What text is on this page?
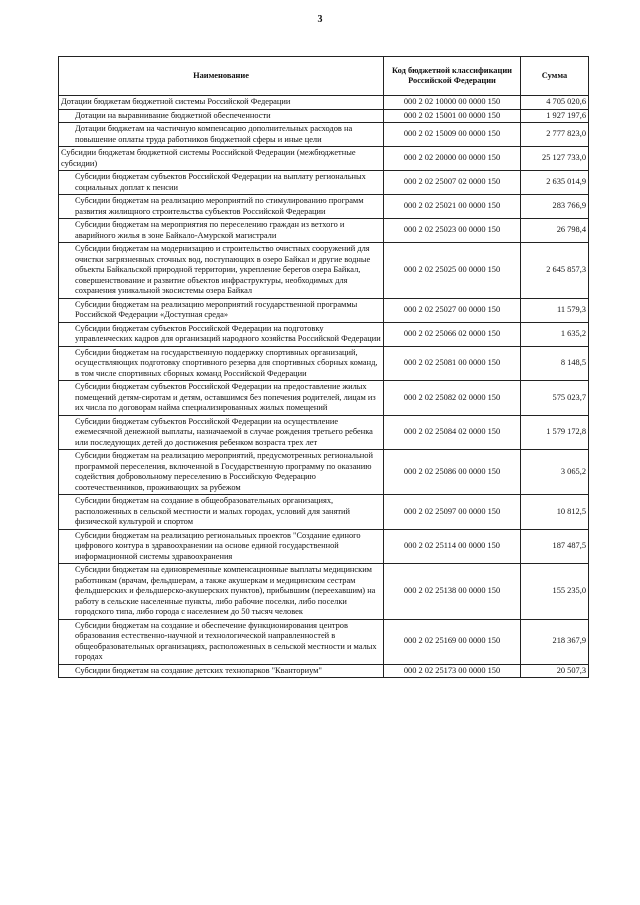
3
Наименование	Код бюджетной классификации Российской Федерации	Сумма
Дотации бюджетам бюджетной системы Российской Федерации	000 2 02 10000 00 0000 150	4 705 020,6
Дотации на выравнивание бюджетной обеспеченности	000 2 02 15001 00 0000 150	1 927 197,6
Дотации бюджетам на частичную компенсацию дополнительных расходов на повышение оплаты труда работников бюджетной сферы и иные цели	000 2 02 15009 00 0000 150	2 777 823,0
Субсидии бюджетам бюджетной системы Российской Федерации (межбюджетные субсидии)	000 2 02 20000 00 0000 150	25 127 733,0
Субсидии бюджетам субъектов Российской Федерации на выплату региональных социальных доплат к пенсии	000 2 02 25007 02 0000 150	2 635 014,9
Субсидии бюджетам на реализацию мероприятий по стимулированию программ развития жилищного строительства субъектов Российской Федерации	000 2 02 25021 00 0000 150	283 766,9
Субсидии бюджетам на мероприятия по переселению граждан из ветхого и аварийного жилья в зоне Байкало-Амурской магистрали	000 2 02 25023 00 0000 150	26 798,4
Субсидии бюджетам на модернизацию и строительство очистных сооружений для очистки загрязненных сточных вод, поступающих в озеро Байкал и другие водные объекты Байкальской природной территории, укрепление берегов озера Байкал, совершенствование и развитие объектов инфраструктуры, необходимых для сохранения уникальной экосистемы озера Байкал	000 2 02 25025 00 0000 150	2 645 857,3
Субсидии бюджетам на реализацию мероприятий государственной программы Российской Федерации «Доступная среда»	000 2 02 25027 00 0000 150	11 579,3
Субсидии бюджетам субъектов Российской Федерации на подготовку управленческих кадров для организаций народного хозяйства Российской Федерации	000 2 02 25066 02 0000 150	1 635,2
Субсидии бюджетам на государственную поддержку спортивных организаций, осуществляющих подготовку спортивного резерва для спортивных сборных команд, в том числе спортивных сборных команд Российской Федерации	000 2 02 25081 00 0000 150	8 148,5
Субсидии бюджетам субъектов Российской Федерации на предоставление жилых помещений детям-сиротам и детям, оставшимся без попечения родителей, лицам из их числа по договорам найма специализированных жилых помещений	000 2 02 25082 02 0000 150	575 023,7
Субсидии бюджетам субъектов Российской Федерации на осуществление ежемесячной денежной выплаты, назначаемой в случае рождения третьего ребенка или последующих детей до достижения ребенком возраста трех лет	000 2 02 25084 02 0000 150	1 579 172,8
Субсидии бюджетам на реализацию мероприятий, предусмотренных региональной программой переселения, включенной в Государственную программу по оказанию содействия добровольному переселению в Российскую Федерацию соотечественников, проживающих за рубежом	000 2 02 25086 00 0000 150	3 065,2
Субсидии бюджетам на создание в общеобразовательных организациях, расположенных в сельской местности и малых городах, условий для занятий физической культурой и спортом	000 2 02 25097 00 0000 150	10 812,5
Субсидии бюджетам на реализацию региональных проектов "Создание единого цифрового контура в здравоохранении на основе единой государственной информационной системы здравоохранения	000 2 02 25114 00 0000 150	187 487,5
Субсидии бюджетам на единовременные компенсационные выплаты медицинским работникам (врачам, фельдшерам, а также акушеркам и медицинским сестрам фельдшерских и фельдшерско-акушерских пунктов), прибывшим (переехавшим) на работу в сельские населенные пункты, либо рабочие поселки, либо поселки городского типа, либо города с населением до 50 тысяч человек	000 2 02 25138 00 0000 150	155 235,0
Субсидии бюджетам на создание и обеспечение функционирования центров образования естественно-научной и технологической направленностей в общеобразовательных организациях, расположенных в сельской местности и малых городах	000 2 02 25169 00 0000 150	218 367,9
Субсидии бюджетам на создание детских технопарков "Кванториум"	000 2 02 25173 00 0000 150	20 507,3
